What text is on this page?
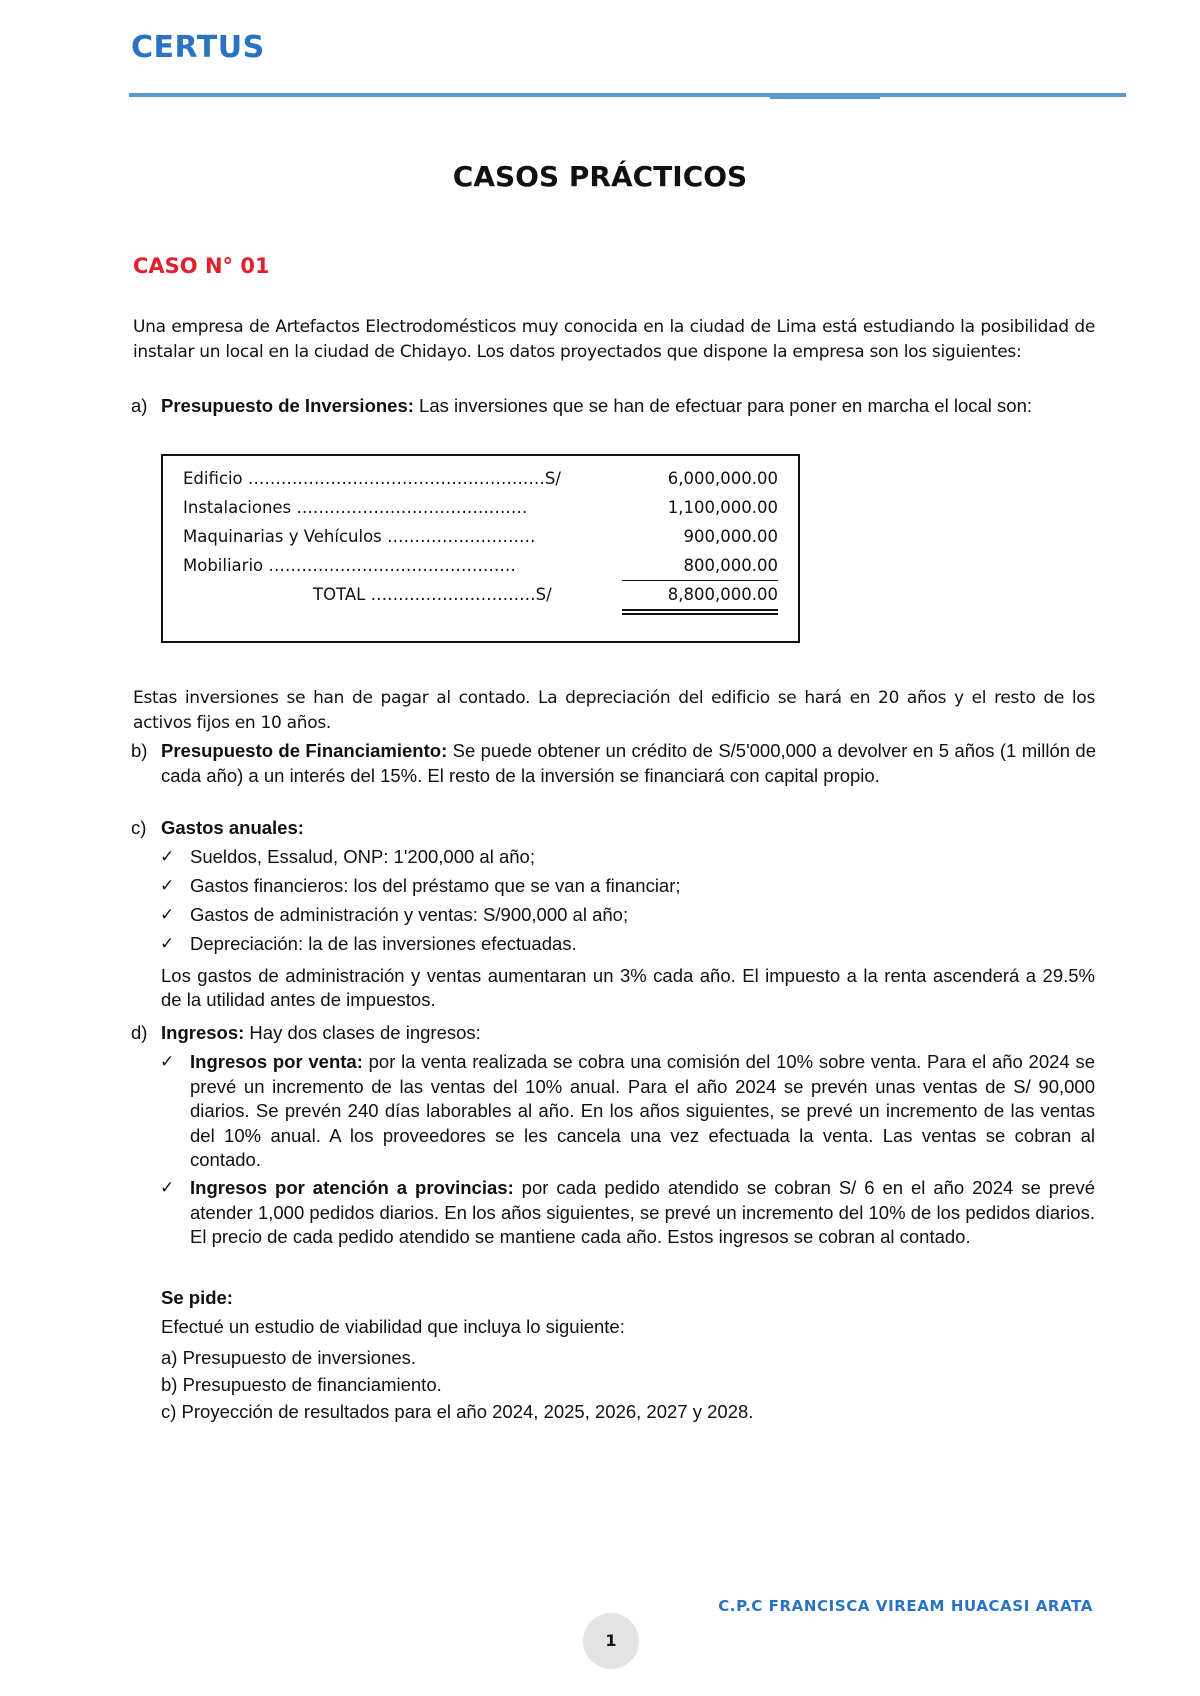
CERTUS
CASOS PRÁCTICOS
CASO N° 01
Una empresa de Artefactos Electrodomésticos muy conocida en la ciudad de Lima está estudiando la posibilidad de instalar un local en la ciudad de Chidayo. Los datos proyectados que dispone la empresa son los siguientes:
a) Presupuesto de Inversiones: Las inversiones que se han de efectuar para poner en marcha el local son:
Edificio ………………………………………………S/	6,000,000.00
Instalaciones ……………………………………	1,100,000.00
Maquinarias y Vehículos ………………………	900,000.00
Mobiliario ………………………………………	800,000.00
TOTAL …………………………S/	8,800,000.00
Estas inversiones se han de pagar al contado. La depreciación del edificio se hará en 20 años y el resto de los activos fijos en 10 años.
b) Presupuesto de Financiamiento: Se puede obtener un crédito de S/5'000,000 a devolver en 5 años (1 millón de cada año) a un interés del 15%. El resto de la inversión se financiará con capital propio.
c) Gastos anuales:
✓ Sueldos, Essalud, ONP: 1'200,000 al año;
✓ Gastos financieros: los del préstamo que se van a financiar;
✓ Gastos de administración y ventas: S/900,000 al año;
✓ Depreciación: la de las inversiones efectuadas.
Los gastos de administración y ventas aumentaran un 3% cada año. El impuesto a la renta ascenderá a 29.5% de la utilidad antes de impuestos.
d) Ingresos: Hay dos clases de ingresos:
✓ Ingresos por venta: por la venta realizada se cobra una comisión del 10% sobre venta. Para el año 2024 se prevé un incremento de las ventas del 10% anual. Para el año 2024 se prevén unas ventas de S/ 90,000 diarios. Se prevén 240 días laborables al año. En los años siguientes, se prevé un incremento de las ventas del 10% anual. A los proveedores se les cancela una vez efectuada la venta. Las ventas se cobran al contado.
✓ Ingresos por atención a provincias: por cada pedido atendido se cobran S/ 6 en el año 2024 se prevé atender 1,000 pedidos diarios. En los años siguientes, se prevé un incremento del 10% de los pedidos diarios. El precio de cada pedido atendido se mantiene cada año. Estos ingresos se cobran al contado.
Se pide:
Efectué un estudio de viabilidad que incluya lo siguiente:
a) Presupuesto de inversiones.
b) Presupuesto de financiamiento.
c) Proyección de resultados para el año 2024, 2025, 2026, 2027 y 2028.
C.P.C FRANCISCA VIREAM HUACASI ARATA
1
